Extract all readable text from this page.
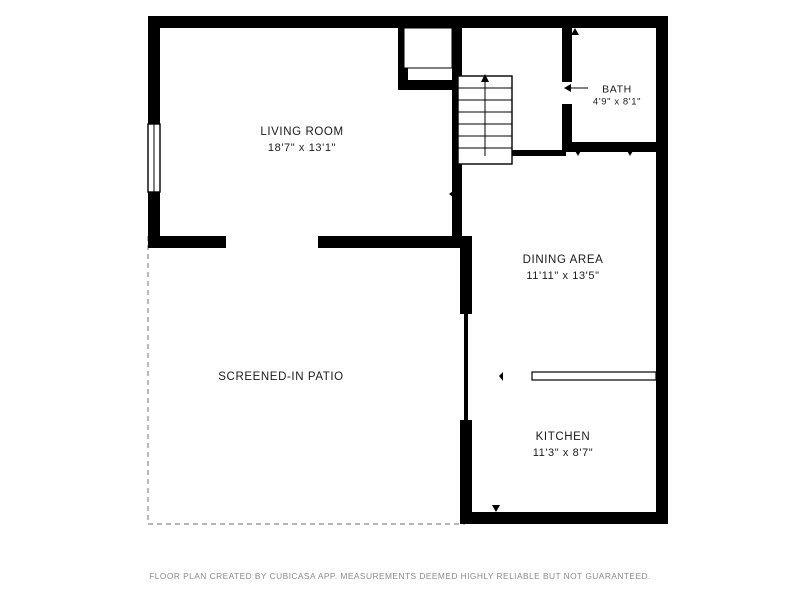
LIVING ROOM
18'7" x 13'1"
BATH
4'9" x 8'1"
DINING AREA
11'11" x 13'5"
SCREENED-IN PATIO
KITCHEN
11'3" x 8'7"
FLOOR PLAN CREATED BY CUBICASA APP. MEASUREMENTS DEEMED HIGHLY RELIABLE BUT NOT GUARANTEED.
